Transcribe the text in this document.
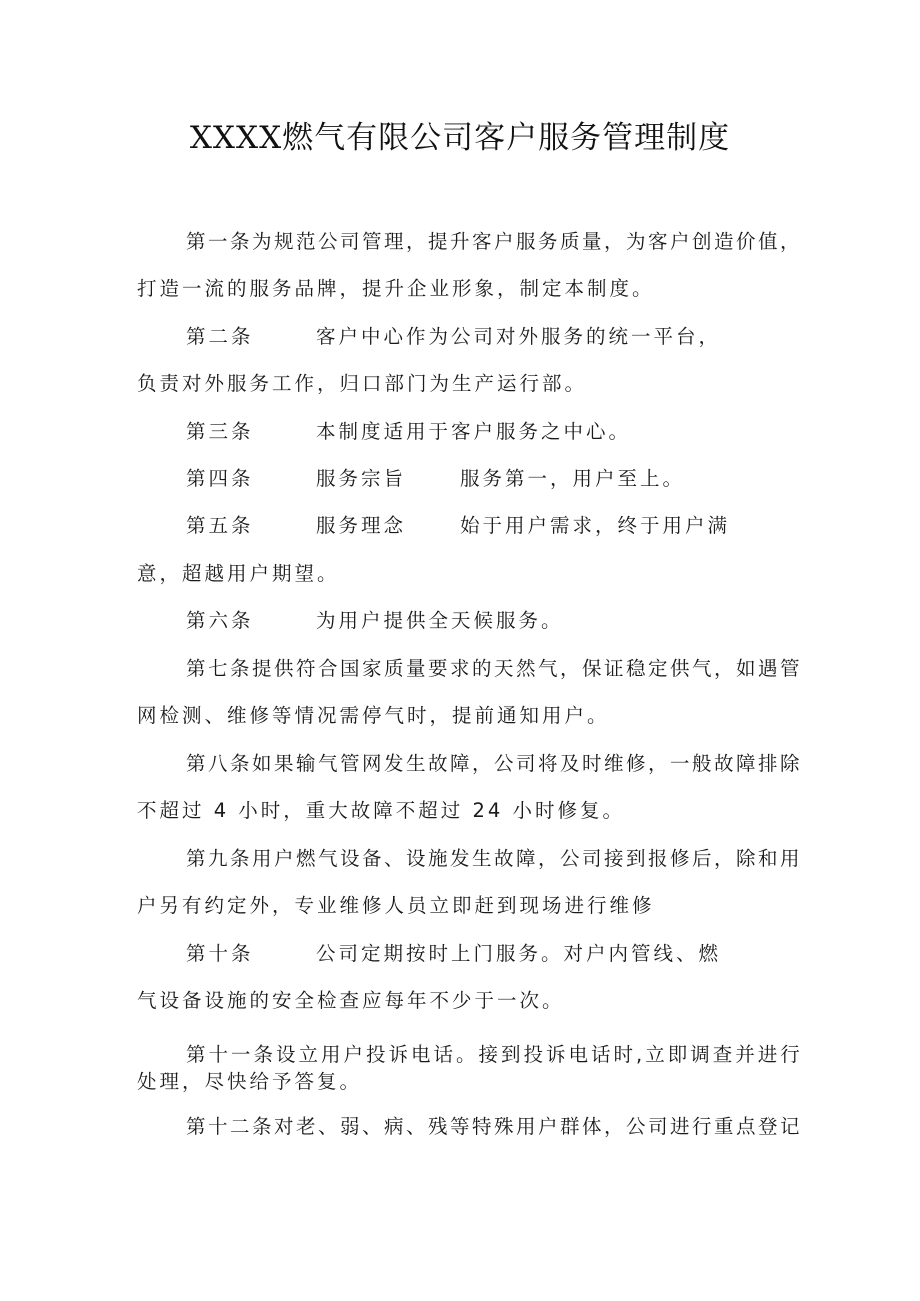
XXXX燃气有限公司客户服务管理制度
第一条为规范公司管理，提升客户服务质量，为客户创造价值，
打造一流的服务品牌，提升企业形象，制定本制度。
第二条	客户中心作为公司对外服务的统一平台，
负责对外服务工作，归口部门为生产运行部。
第三条	本制度适用于客户服务之中心。
第四条	服务宗旨	服务第一，用户至上。
第五条	服务理念	始于用户需求，终于用户满
意，超越用户期望。
第六条	为用户提供全天候服务。
第七条提供符合国家质量要求的天然气，保证稳定供气，如遇管
网检测、维修等情况需停气时，提前通知用户。
第八条如果输气管网发生故障，公司将及时维修，一般故障排除
不超过 4 小时，重大故障不超过 24 小时修复。
第九条用户燃气设备、设施发生故障，公司接到报修后，除和用
户另有约定外，专业维修人员立即赶到现场进行维修
第十条	公司定期按时上门服务。对户内管线、燃
气设备设施的安全检查应每年不少于一次。
第十一条设立用户投诉电话。接到投诉电话时,立即调查并进行
处理，尽快给予答复。
第十二条对老、弱、病、残等特殊用户群体，公司进行重点登记
